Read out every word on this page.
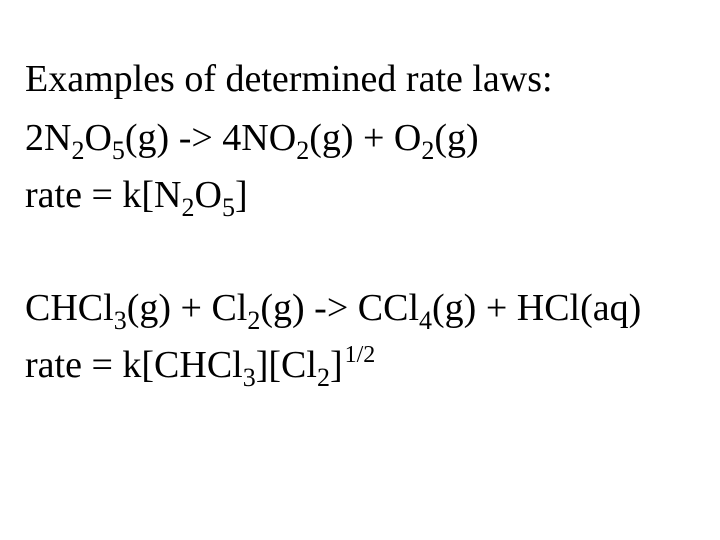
Examples of determined rate laws:
$2N_2O_5(g) -> 4NO_2(g) + O_2(g)$
rate = $k[N_2O_5]$
CHCl$_3$(g) + $Cl_2(g) -> CCl_4(g) + HCl(aq)$
rate = $k[CHCl_3][Cl_2]^{1/2}$
